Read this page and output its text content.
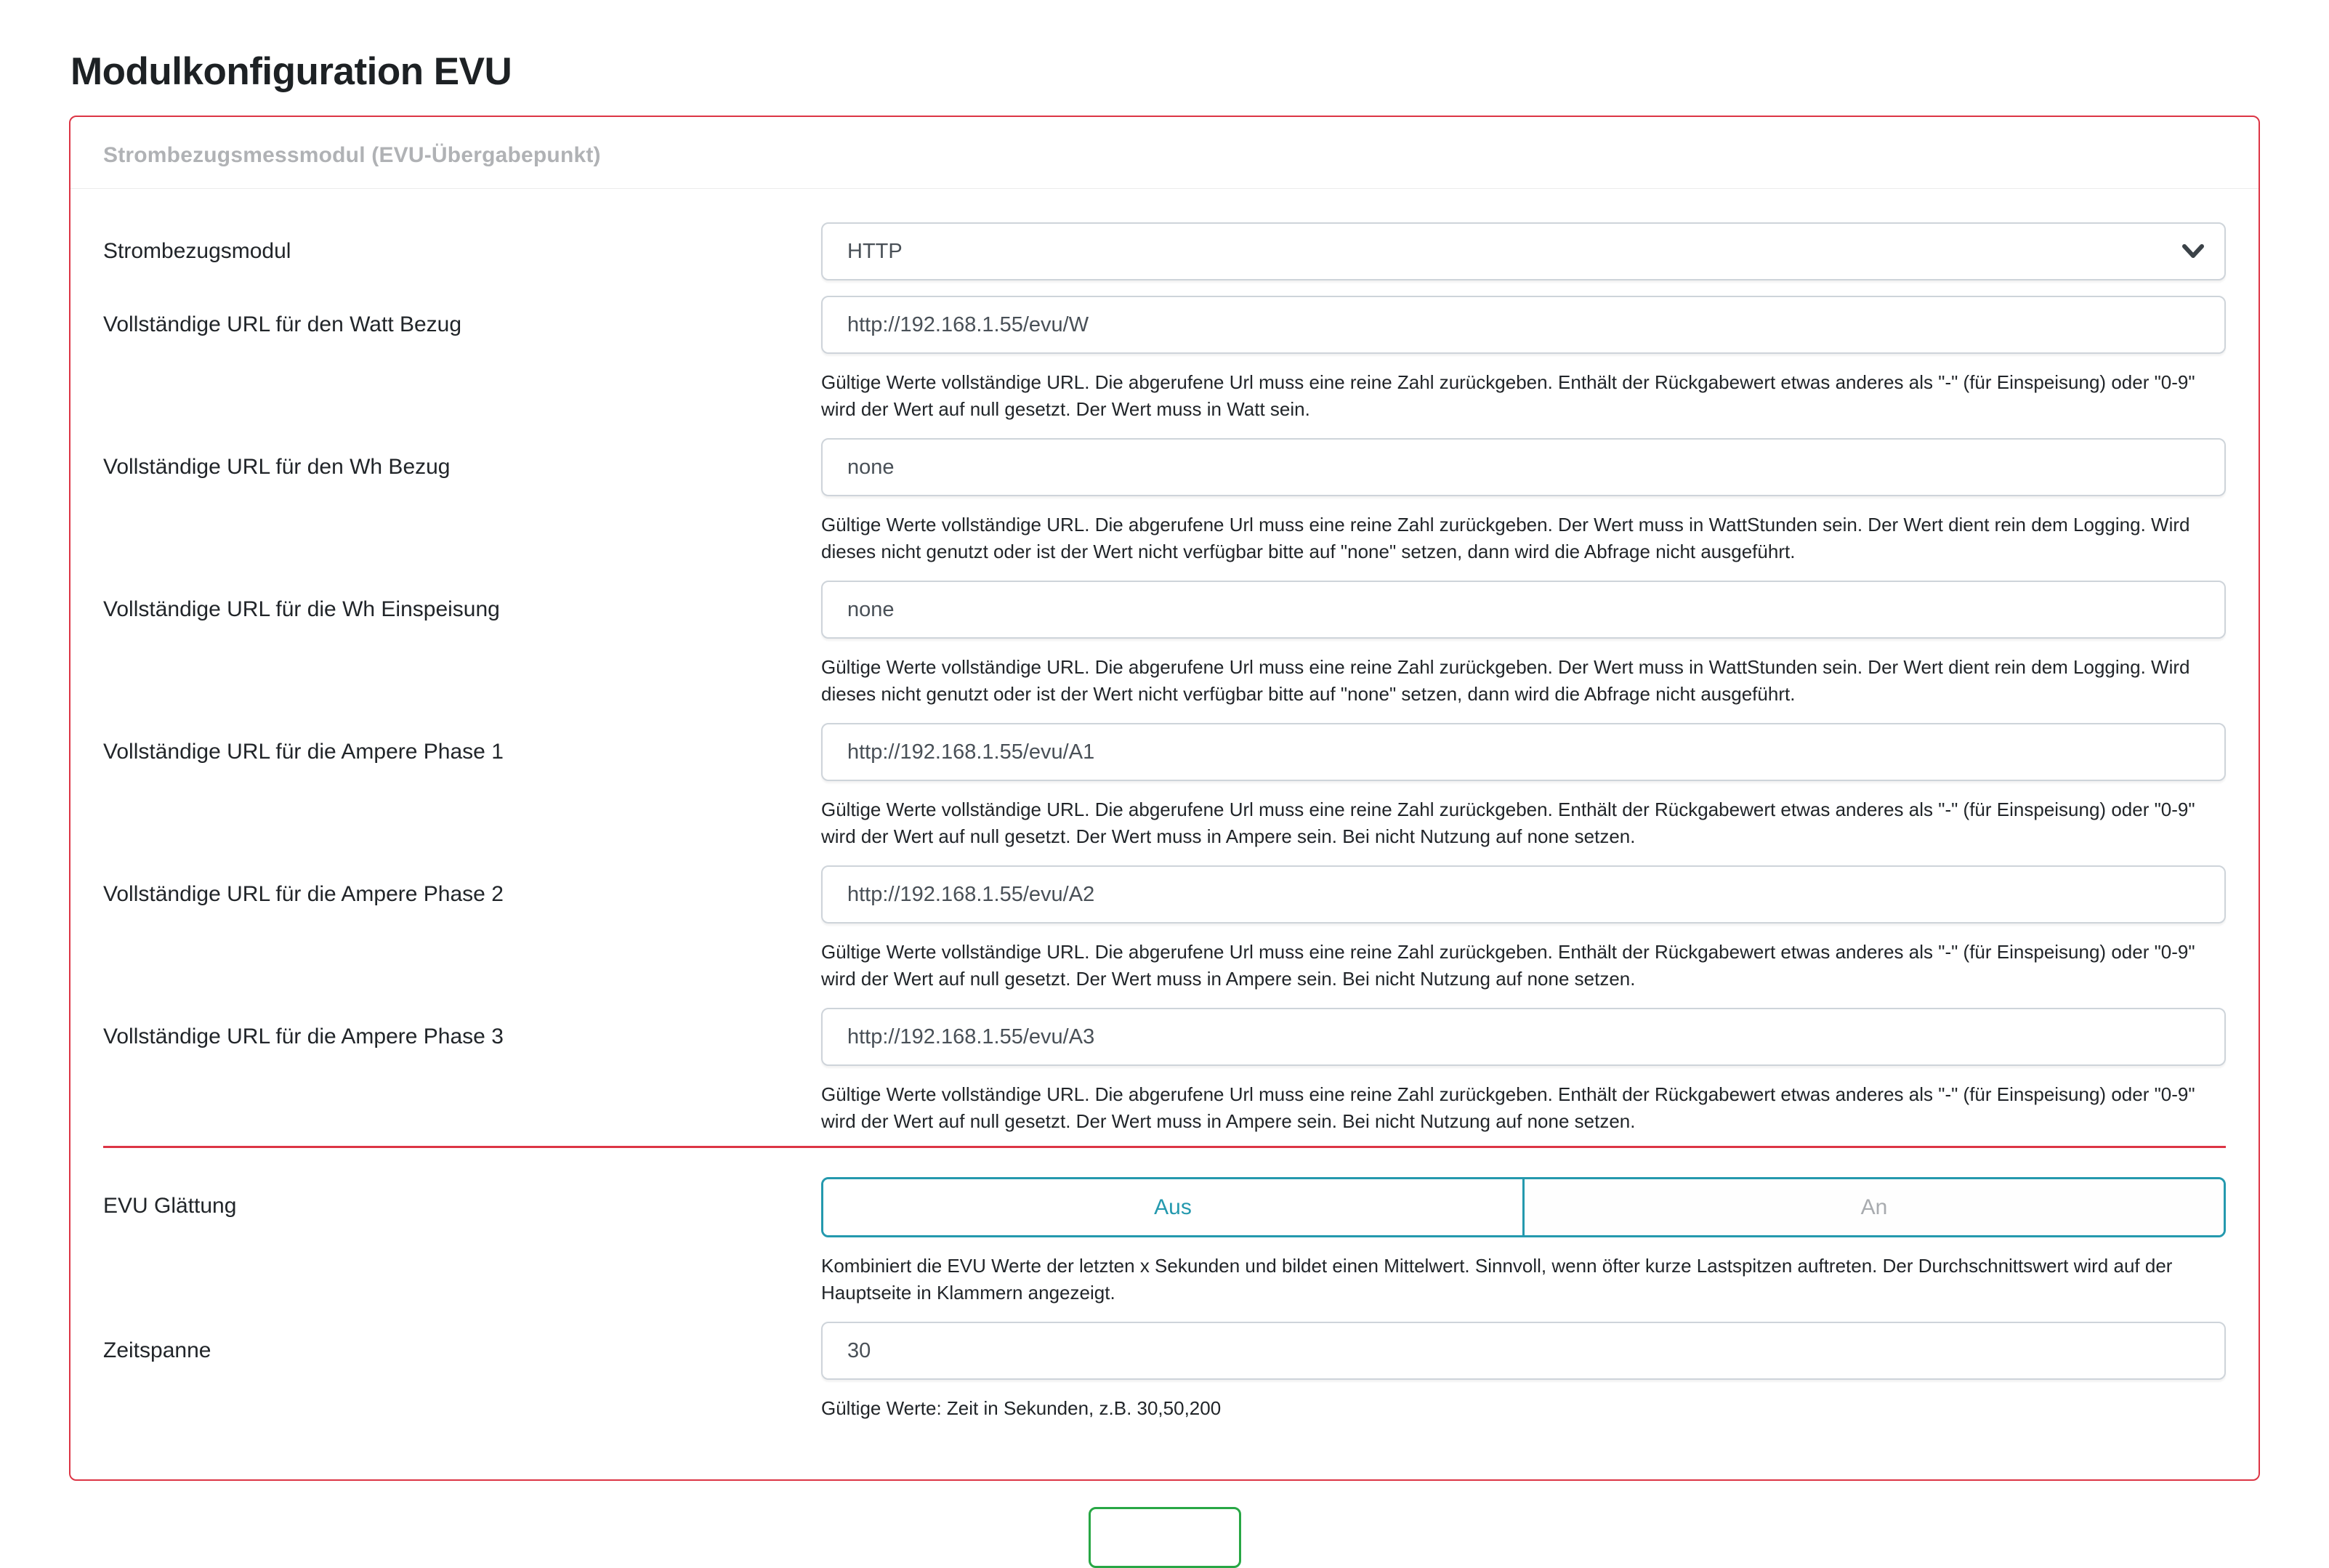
Modulkonfiguration EVU
Strombezugsmessmodul (EVU-Übergabepunkt)
Strombezugsmodul
HTTP
Vollständige URL für den Watt Bezug
http://192.168.1.55/evu/W
Gültige Werte vollständige URL. Die abgerufene Url muss eine reine Zahl zurückgeben. Enthält der Rückgabewert etwas anderes als "-" (für Einspeisung) oder "0-9" wird der Wert auf null gesetzt. Der Wert muss in Watt sein.
Vollständige URL für den Wh Bezug
none
Gültige Werte vollständige URL. Die abgerufene Url muss eine reine Zahl zurückgeben. Der Wert muss in WattStunden sein. Der Wert dient rein dem Logging. Wird dieses nicht genutzt oder ist der Wert nicht verfügbar bitte auf "none" setzen, dann wird die Abfrage nicht ausgeführt.
Vollständige URL für die Wh Einspeisung
none
Gültige Werte vollständige URL. Die abgerufene Url muss eine reine Zahl zurückgeben. Der Wert muss in WattStunden sein. Der Wert dient rein dem Logging. Wird dieses nicht genutzt oder ist der Wert nicht verfügbar bitte auf "none" setzen, dann wird die Abfrage nicht ausgeführt.
Vollständige URL für die Ampere Phase 1
http://192.168.1.55/evu/A1
Gültige Werte vollständige URL. Die abgerufene Url muss eine reine Zahl zurückgeben. Enthält der Rückgabewert etwas anderes als "-" (für Einspeisung) oder "0-9" wird der Wert auf null gesetzt. Der Wert muss in Ampere sein. Bei nicht Nutzung auf none setzen.
Vollständige URL für die Ampere Phase 2
http://192.168.1.55/evu/A2
Gültige Werte vollständige URL. Die abgerufene Url muss eine reine Zahl zurückgeben. Enthält der Rückgabewert etwas anderes als "-" (für Einspeisung) oder "0-9" wird der Wert auf null gesetzt. Der Wert muss in Ampere sein. Bei nicht Nutzung auf none setzen.
Vollständige URL für die Ampere Phase 3
http://192.168.1.55/evu/A3
Gültige Werte vollständige URL. Die abgerufene Url muss eine reine Zahl zurückgeben. Enthält der Rückgabewert etwas anderes als "-" (für Einspeisung) oder "0-9" wird der Wert auf null gesetzt. Der Wert muss in Ampere sein. Bei nicht Nutzung auf none setzen.
EVU Glättung	Aus	An
Kombiniert die EVU Werte der letzten x Sekunden und bildet einen Mittelwert. Sinnvoll, wenn öfter kurze Lastspitzen auftreten. Der Durchschnittswert wird auf der Hauptseite in Klammern angezeigt.
Zeitspanne
30
Gültige Werte: Zeit in Sekunden, z.B. 30,50,200
